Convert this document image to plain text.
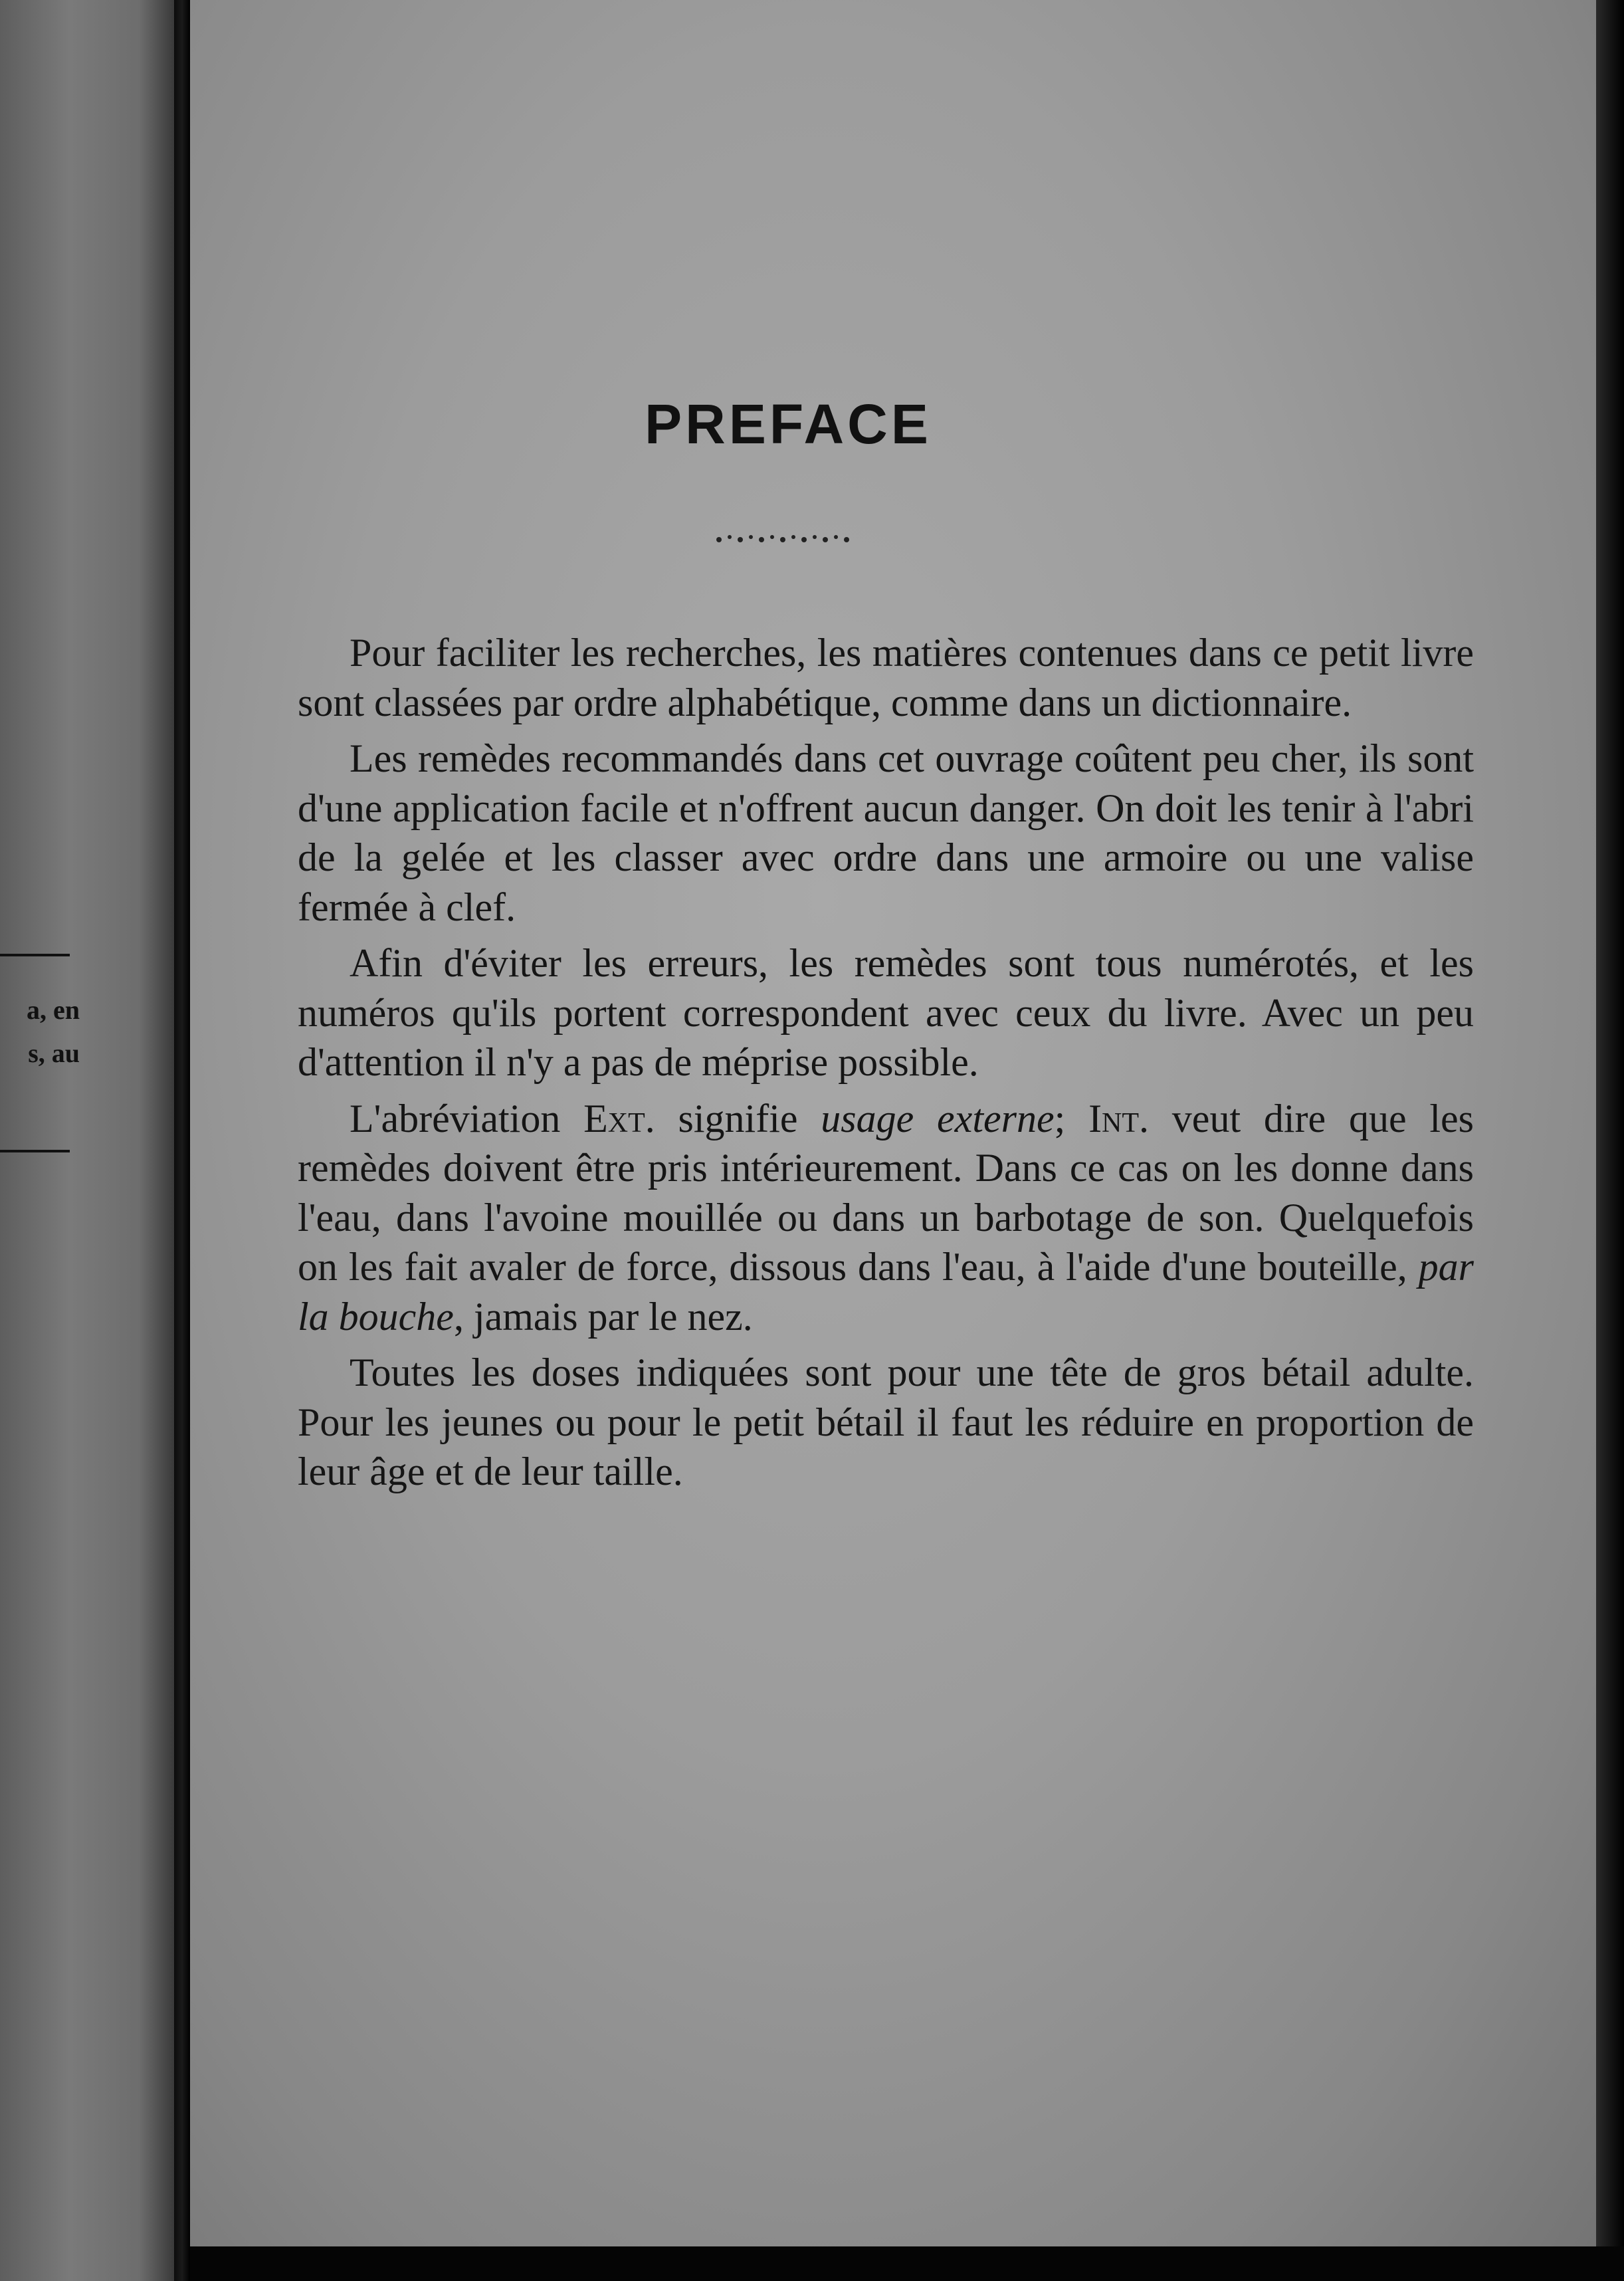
a, en
s, au
PREFACE

Pour faciliter les recherches, les matières contenues dans ce petit livre sont classées par ordre alphabétique, comme dans un dictionnaire.

Les remèdes recommandés dans cet ouvrage coûtent peu cher, ils sont d'une application facile et n'offrent aucun danger. On doit les tenir à l'abri de la gelée et les classer avec ordre dans une armoire ou une valise fermée à clef.

Afin d'éviter les erreurs, les remèdes sont tous numérotés, et les numéros qu'ils portent correspondent avec ceux du livre. Avec un peu d'attention il n'y a pas de méprise possible.

L'abréviation Ext. signifie usage externe; Int. veut dire que les remèdes doivent être pris intérieurement. Dans ce cas on les donne dans l'eau, dans l'avoine mouillée ou dans un barbotage de son. Quelquefois on les fait avaler de force, dissous dans l'eau, à l'aide d'une bouteille, par la bouche, jamais par le nez.

Toutes les doses indiquées sont pour une tête de gros bétail adulte. Pour les jeunes ou pour le petit bétail il faut les réduire en proportion de leur âge et de leur taille.
